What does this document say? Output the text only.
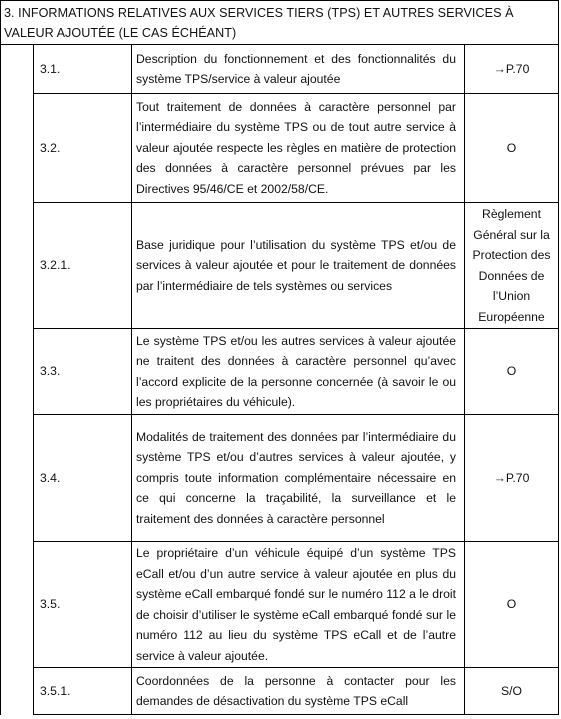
3. INFORMATIONS RELATIVES AUX SERVICES TIERS (TPS) ET AUTRES SERVICES À VALEUR AJOUTÉE (LE CAS ÉCHÉANT)			
	3.1.	Description du fonctionnement et des fonctionnalités du système TPS/service à valeur ajoutée	→P.70
	3.2.	Tout traitement de données à caractère personnel par l’intermédiaire du système TPS ou de tout autre service à valeur ajoutée respecte les règles en matière de protection des données à caractère personnel prévues par les Directives 95/46/CE et 2002/58/CE.	O
	3.2.1.	Base juridique pour l’utilisation du système TPS et/ou de services à valeur ajoutée et pour le traitement de données par l’intermédiaire de tels systèmes ou services	Règlement Général sur la Protection des Données de l’Union Européenne
	3.3.	Le système TPS et/ou les autres services à valeur ajoutée ne traitent des données à caractère personnel qu’avec l’accord explicite de la personne concernée (à savoir le ou les propriétaires du véhicule).	O
	3.4.	Modalités de traitement des données par l’intermédiaire du système TPS et/ou d’autres services à valeur ajoutée, y compris toute information complémentaire nécessaire en ce qui concerne la traçabilité, la surveillance et le traitement des données à caractère personnel	→P.70
	3.5.	Le propriétaire d’un véhicule équipé d’un système TPS eCall et/ou d’un autre service à valeur ajoutée en plus du système eCall embarqué fondé sur le numéro 112 a le droit de choisir d’utiliser le système eCall embarqué fondé sur le numéro 112 au lieu du système TPS eCall et de l’autre service à valeur ajoutée.	O
	3.5.1.	Coordonnées de la personne à contacter pour les demandes de désactivation du système TPS eCall	S/O
